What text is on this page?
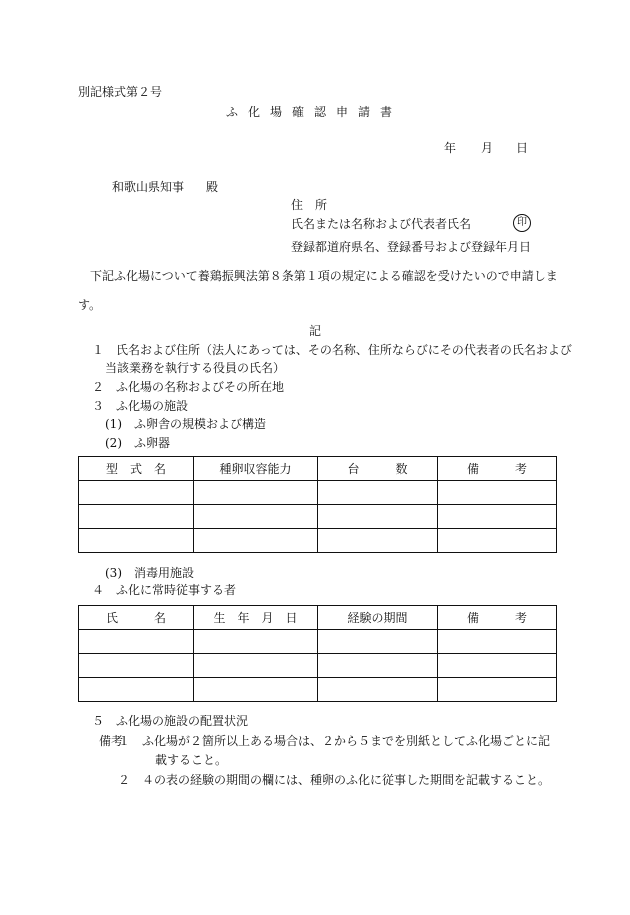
別記様式第２号
ふ化場確認申請書
年 月 日
和歌山県知事 殿
住　所
氏名または名称および代表者氏名	印
登録都道府県名、登録番号および登録年月日
下記ふ化場について養鶏振興法第８条第１項の規定による確認を受けたいので申請しま
す。
記
１　氏名および住所（法人にあっては、その名称、住所ならびにその代表者の氏名および
当該業務を執行する役員の氏名）
２　ふ化場の名称およびその所在地
３　ふ化場の施設
(1)　ふ卵舎の規模および構造
(2)　ふ卵器
型　式　名	種卵収容能力	台　　　数	備　　　考

(3)　消毒用施設
４　ふ化に常時従事する者
氏　　　名	生　年　月　日	経験の期間	備　　　考

５　ふ化場の施設の配置状況
備考
１　ふ化場が２箇所以上ある場合は、２から５までを別紙としてふ化場ごとに記
載すること。
２　４の表の経験の期間の欄には、種卵のふ化に従事した期間を記載すること。
